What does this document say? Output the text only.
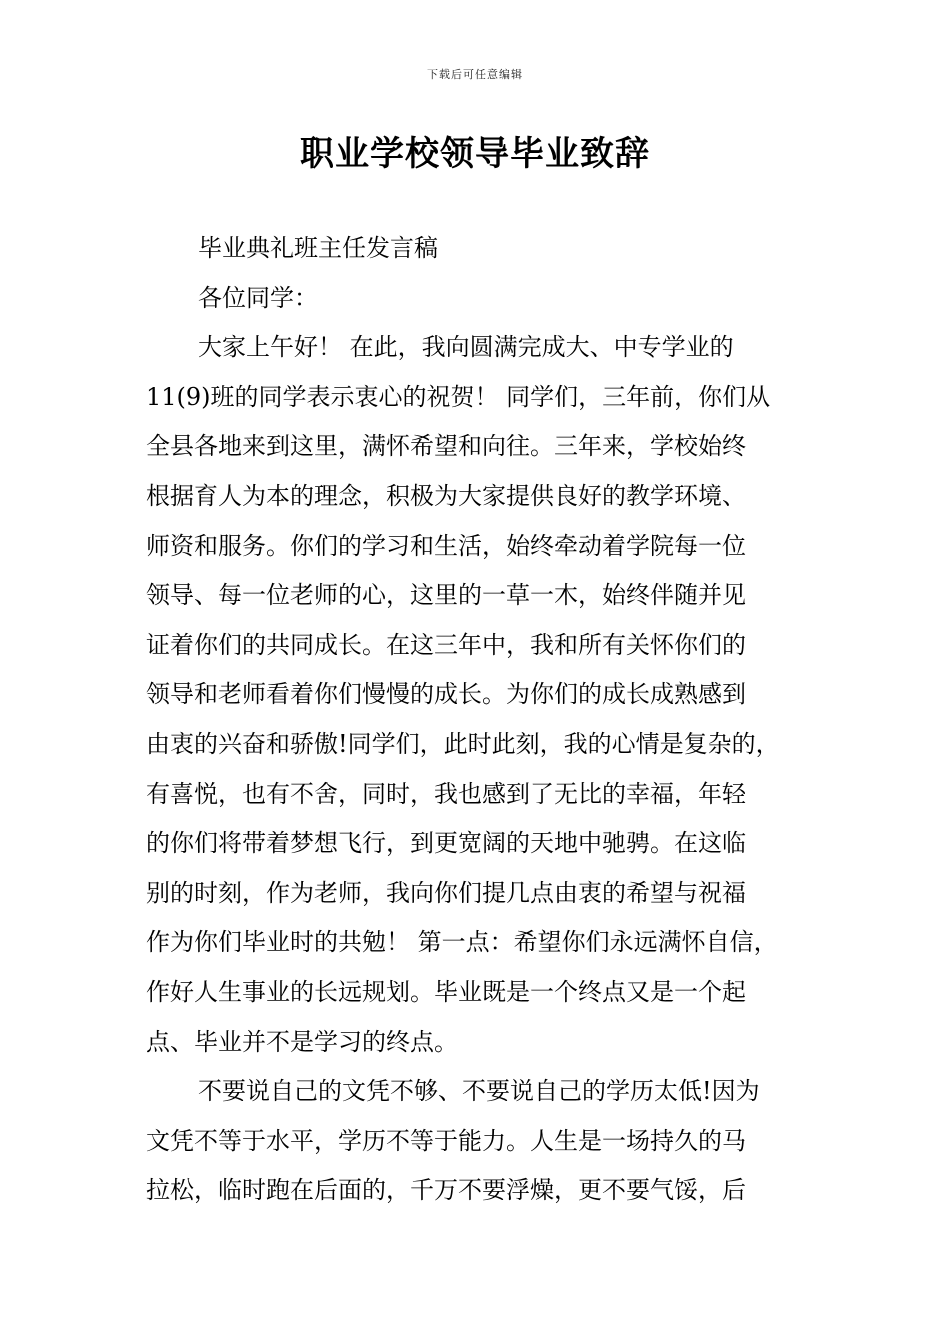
下载后可任意编辑
职业学校领导毕业致辞
毕业典礼班主任发言稿
各位同学：
大家上午好！ 在此，我向圆满完成大、中专学业的
11(9)班的同学表示衷心的祝贺！ 同学们，三年前，你们从
全县各地来到这里，满怀希望和向往。三年来，学校始终
根据育人为本的理念，积极为大家提供良好的教学环境、
师资和服务。你们的学习和生活，始终牵动着学院每一位
领导、每一位老师的心，这里的一草一木，始终伴随并见
证着你们的共同成长。在这三年中，我和所有关怀你们的
领导和老师看着你们慢慢的成长。为你们的成长成熟感到
由衷的兴奋和骄傲!同学们，此时此刻，我的心情是复杂的，
有喜悦，也有不舍，同时，我也感到了无比的幸福，年轻
的你们将带着梦想飞行，到更宽阔的天地中驰骋。在这临
别的时刻，作为老师，我向你们提几点由衷的希望与祝福
作为你们毕业时的共勉！ 第一点：希望你们永远满怀自信，
作好人生事业的长远规划。毕业既是一个终点又是一个起
点、毕业并不是学习的终点。
不要说自己的文凭不够、不要说自己的学历太低!因为
文凭不等于水平，学历不等于能力。人生是一场持久的马
拉松，临时跑在后面的，千万不要浮燥，更不要气馁，后
